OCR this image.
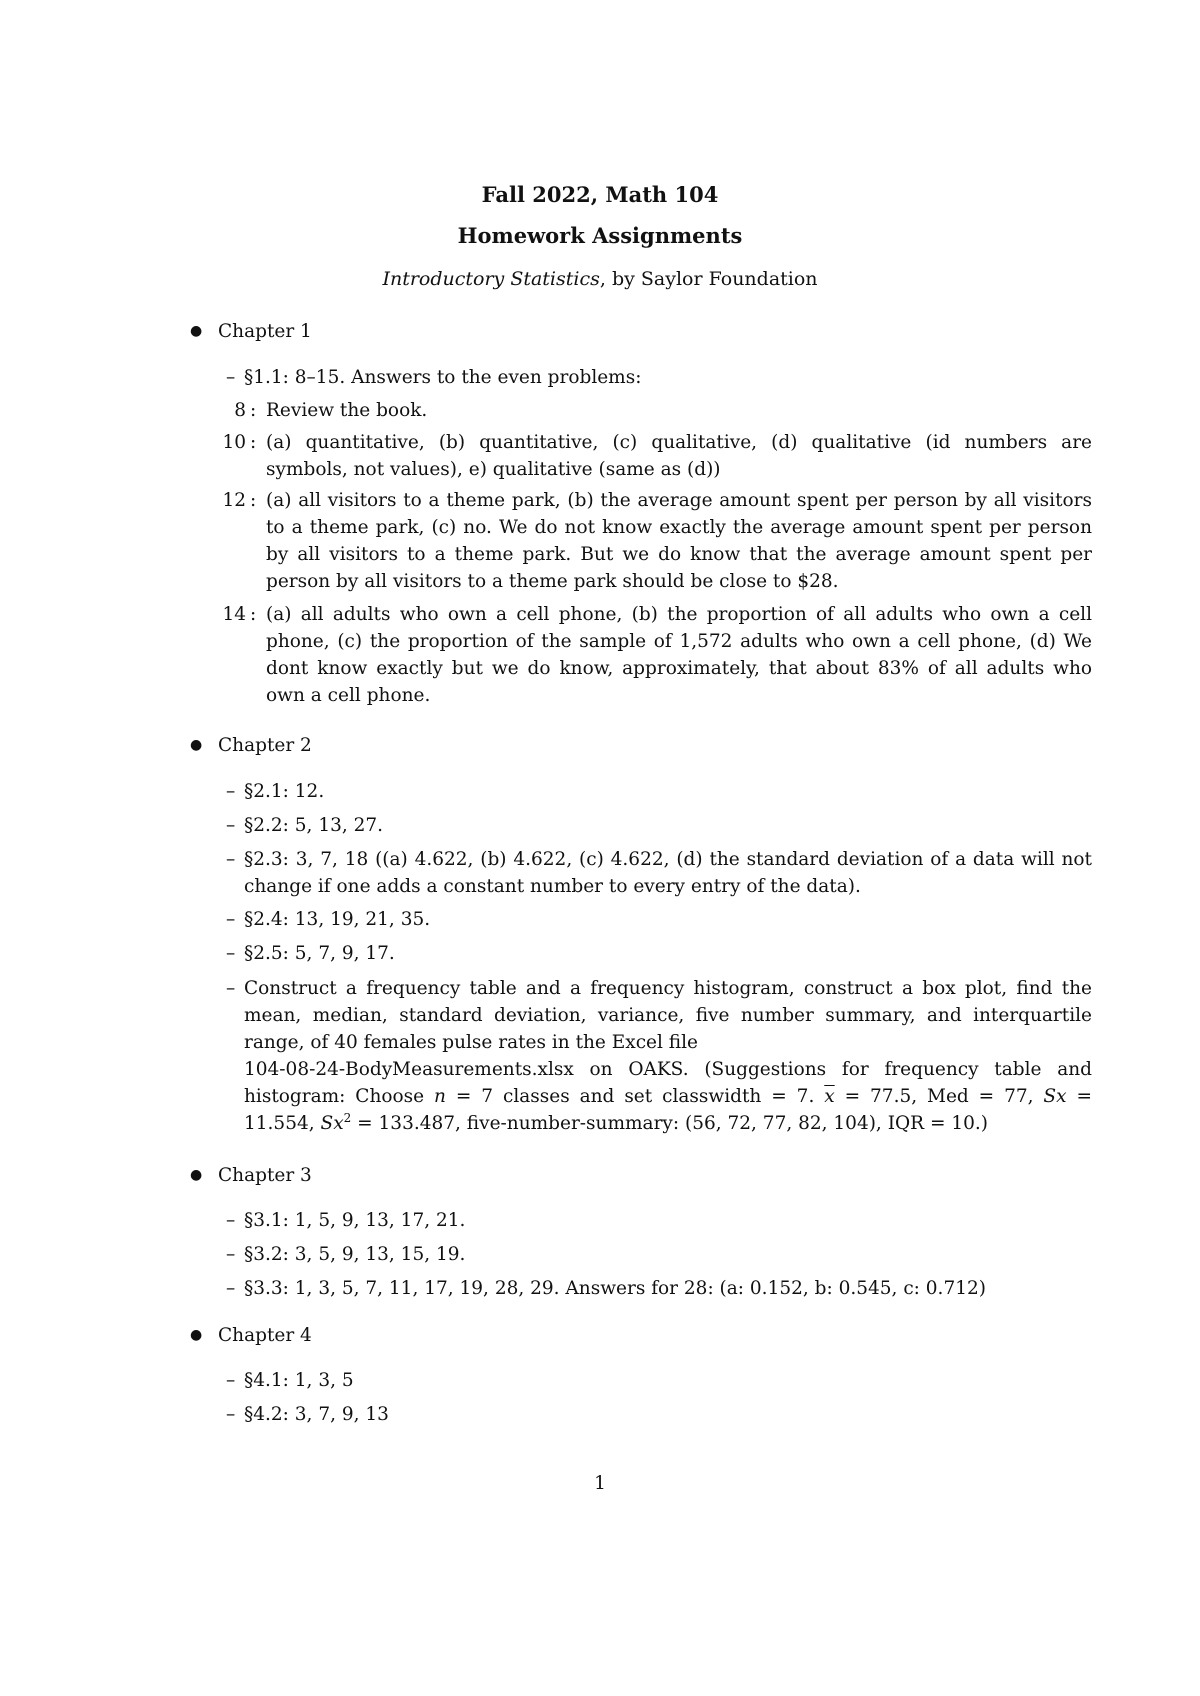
Fall 2022, Math 104
Homework Assignments
Introductory Statistics, by Saylor Foundation
● Chapter 1
– §1.1: 8–15. Answers to the even problems:
8 : Review the book.
10 : (a) quantitative, (b) quantitative, (c) qualitative, (d) qualitative (id numbers are symbols, not values), e) qualitative (same as (d))
12 : (a) all visitors to a theme park, (b) the average amount spent per person by all visitors to a theme park, (c) no. We do not know exactly the average amount spent per person by all visitors to a theme park. But we do know that the average amount spent per person by all visitors to a theme park should be close to $28.
14 : (a) all adults who own a cell phone, (b) the proportion of all adults who own a cell phone, (c) the proportion of the sample of 1,572 adults who own a cell phone, (d) We dont know exactly but we do know, approximately, that about 83% of all adults who own a cell phone.
● Chapter 2
– §2.1: 12.
– §2.2: 5, 13, 27.
– §2.3: 3, 7, 18 ((a) 4.622, (b) 4.622, (c) 4.622, (d) the standard deviation of a data will not change if one adds a constant number to every entry of the data).
– §2.4: 13, 19, 21, 35.
– §2.5: 5, 7, 9, 17.
– Construct a frequency table and a frequency histogram, construct a box plot, find the mean, median, standard deviation, variance, five number summary, and interquartile range, of 40 females pulse rates in the Excel file
104-08-24-BodyMeasurements.xlsx on OAKS. (Suggestions for frequency table and histogram: Choose n = 7 classes and set classwidth = 7. $\overline{x} = 77.5$, Med = 77, Sx = 11.554, $Sx^2 = 133.487$, five-number-summary: (56, 72, 77, 82, 104), IQR = 10.)
● Chapter 3
– §3.1: 1, 5, 9, 13, 17, 21.
– §3.2: 3, 5, 9, 13, 15, 19.
– §3.3: 1, 3, 5, 7, 11, 17, 19, 28, 29. Answers for 28: (a: 0.152, b: 0.545, c: 0.712)
● Chapter 4
– §4.1: 1, 3, 5
– §4.2: 3, 7, 9, 13
1
